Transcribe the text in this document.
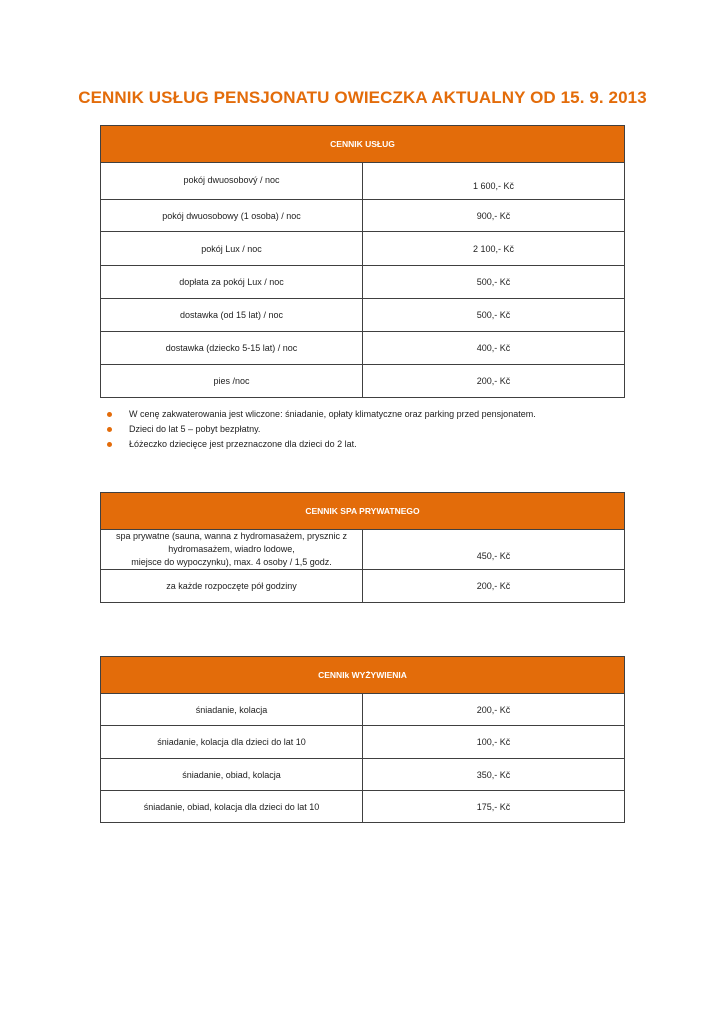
CENNIK USŁUG PENSJONATU OWIECZKA AKTUALNY OD 15. 9. 2013
CENNIK USŁUG	
pokój dwuosobový / noc	1 600,- Kč
pokój dwuosobowy (1 osoba) / noc	900,- Kč
pokój Lux / noc	2 100,- Kč
dopłata za pokój Lux / noc	500,- Kč
dostawka (od 15 lat) / noc	500,- Kč
dostawka (dziecko 5-15 lat) / noc	400,- Kč
pies /noc	200,- Kč
W cenę zakwaterowania jest wliczone: śniadanie, opłaty klimatyczne oraz parking przed pensjonatem.
Dzieci do lat 5 – pobyt bezpłatny.
Łóżeczko dziecięce jest przeznaczone dla dzieci do 2 lat.
CENNIK SPA PRYWATNEGO	
spa prywatne (sauna, wanna z hydromasażem, prysznic z hydromasażem, wiadro lodowe,
miejsce do wypoczynku), max. 4 osoby / 1,5 godz.	450,- Kč
za każde rozpoczęte pół godziny	200,- Kč
CENNIk WYŻYWIENIA	
śniadanie, kolacja	200,- Kč
śniadanie, kolacja dla dzieci do lat 10	100,- Kč
śniadanie, obiad, kolacja	350,- Kč
śniadanie, obiad, kolacja dla dzieci do lat 10	175,- Kč
